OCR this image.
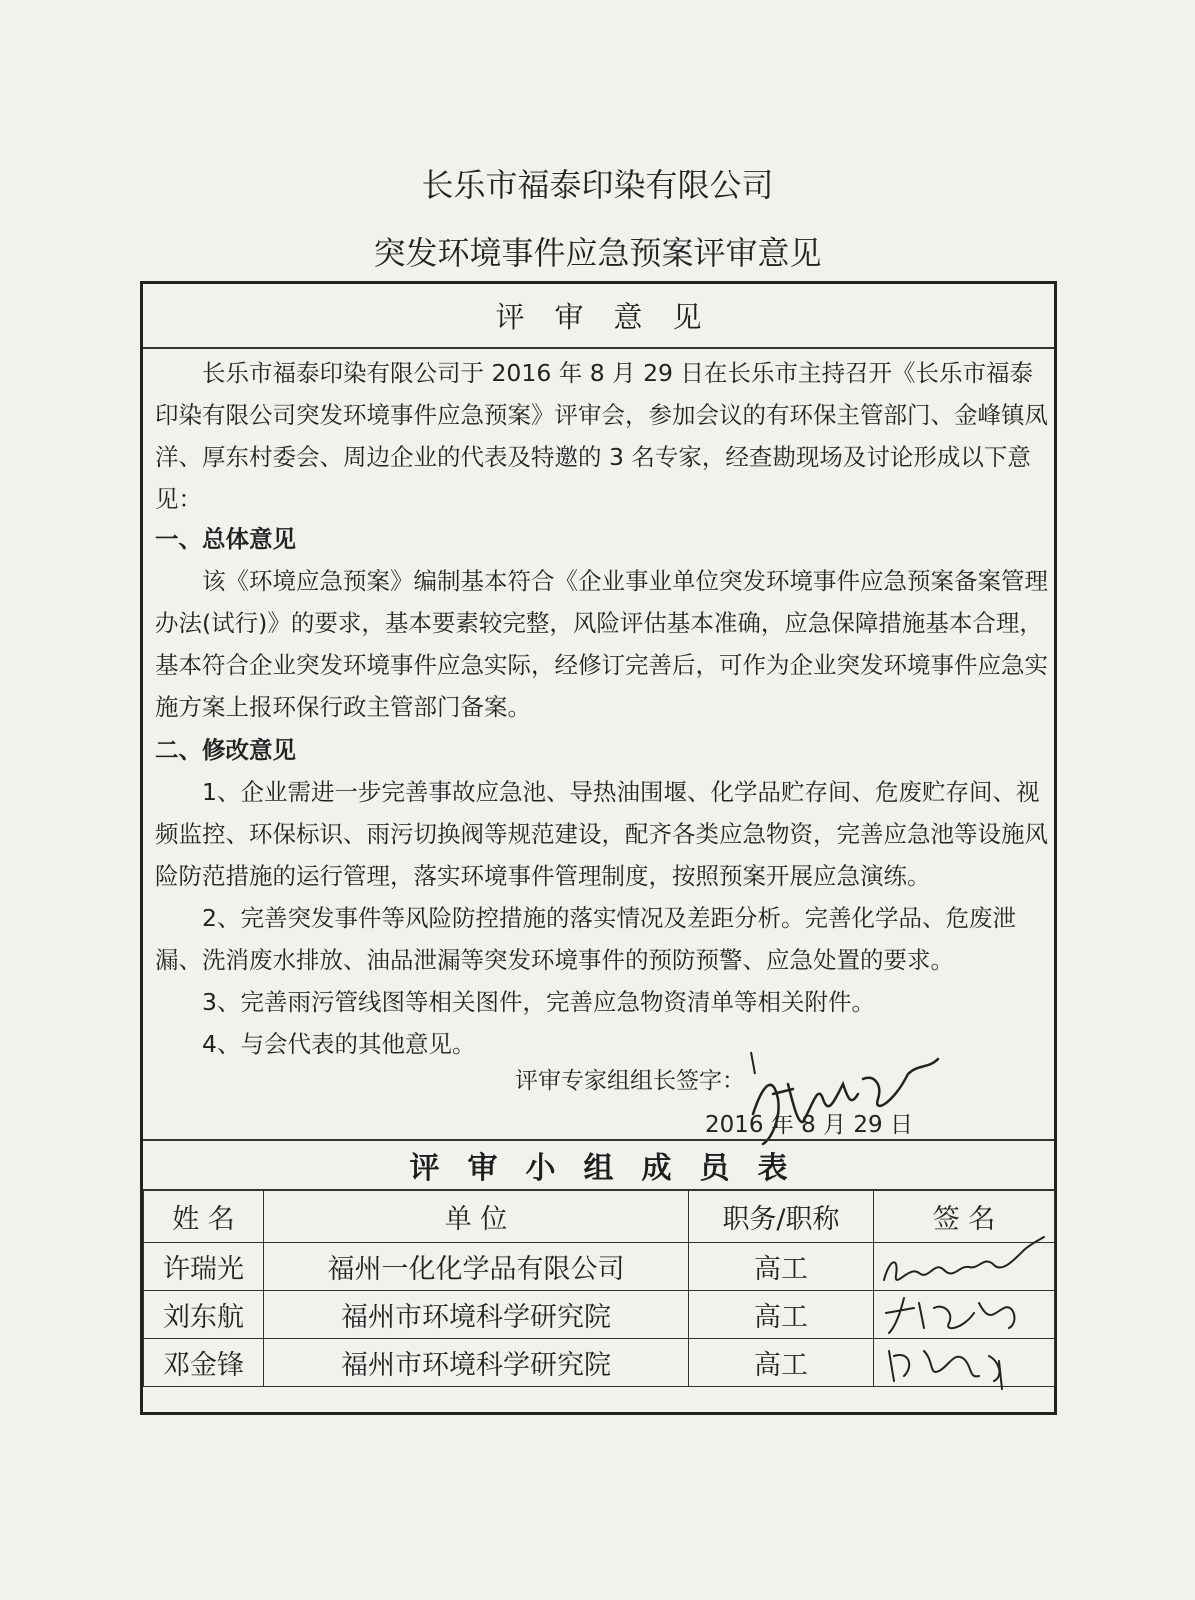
长乐市福泰印染有限公司
突发环境事件应急预案评审意见
评审意见

长乐市福泰印染有限公司于 2016 年 8 月 29 日在长乐市主持召开《长乐市福泰印染有限公司突发环境事件应急预案》评审会，参加会议的有环保主管部门、金峰镇凤洋、厚东村委会、周边企业的代表及特邀的 3 名专家，经查勘现场及讨论形成以下意见：

一、总体意见

该《环境应急预案》编制基本符合《企业事业单位突发环境事件应急预案备案管理办法(试行)》的要求，基本要素较完整，风险评估基本准确，应急保障措施基本合理，基本符合企业突发环境事件应急实际，经修订完善后，可作为企业突发环境事件应急实施方案上报环保行政主管部门备案。

二、修改意见

1、企业需进一步完善事故应急池、导热油围堰、化学品贮存间、危废贮存间、视频监控、环保标识、雨污切换阀等规范建设，配齐各类应急物资，完善应急池等设施风险防范措施的运行管理，落实环境事件管理制度，按照预案开展应急演练。

2、完善突发事件等风险防控措施的落实情况及差距分析。完善化学品、危废泄漏、洗消废水排放、油品泄漏等突发环境事件的预防预警、应急处置的要求。

3、完善雨污管线图等相关图件，完善应急物资清单等相关附件。

4、与会代表的其他意见。

评审专家组组长签字：
2016 年 8 月 29 日
评审小组成员表
姓 名	单 位	职务/职称	签 名
许瑞光	福州一化化学品有限公司	高工	

刘东航	福州市环境科学研究院	高工	

邓金锋	福州市环境科学研究院	高工	
